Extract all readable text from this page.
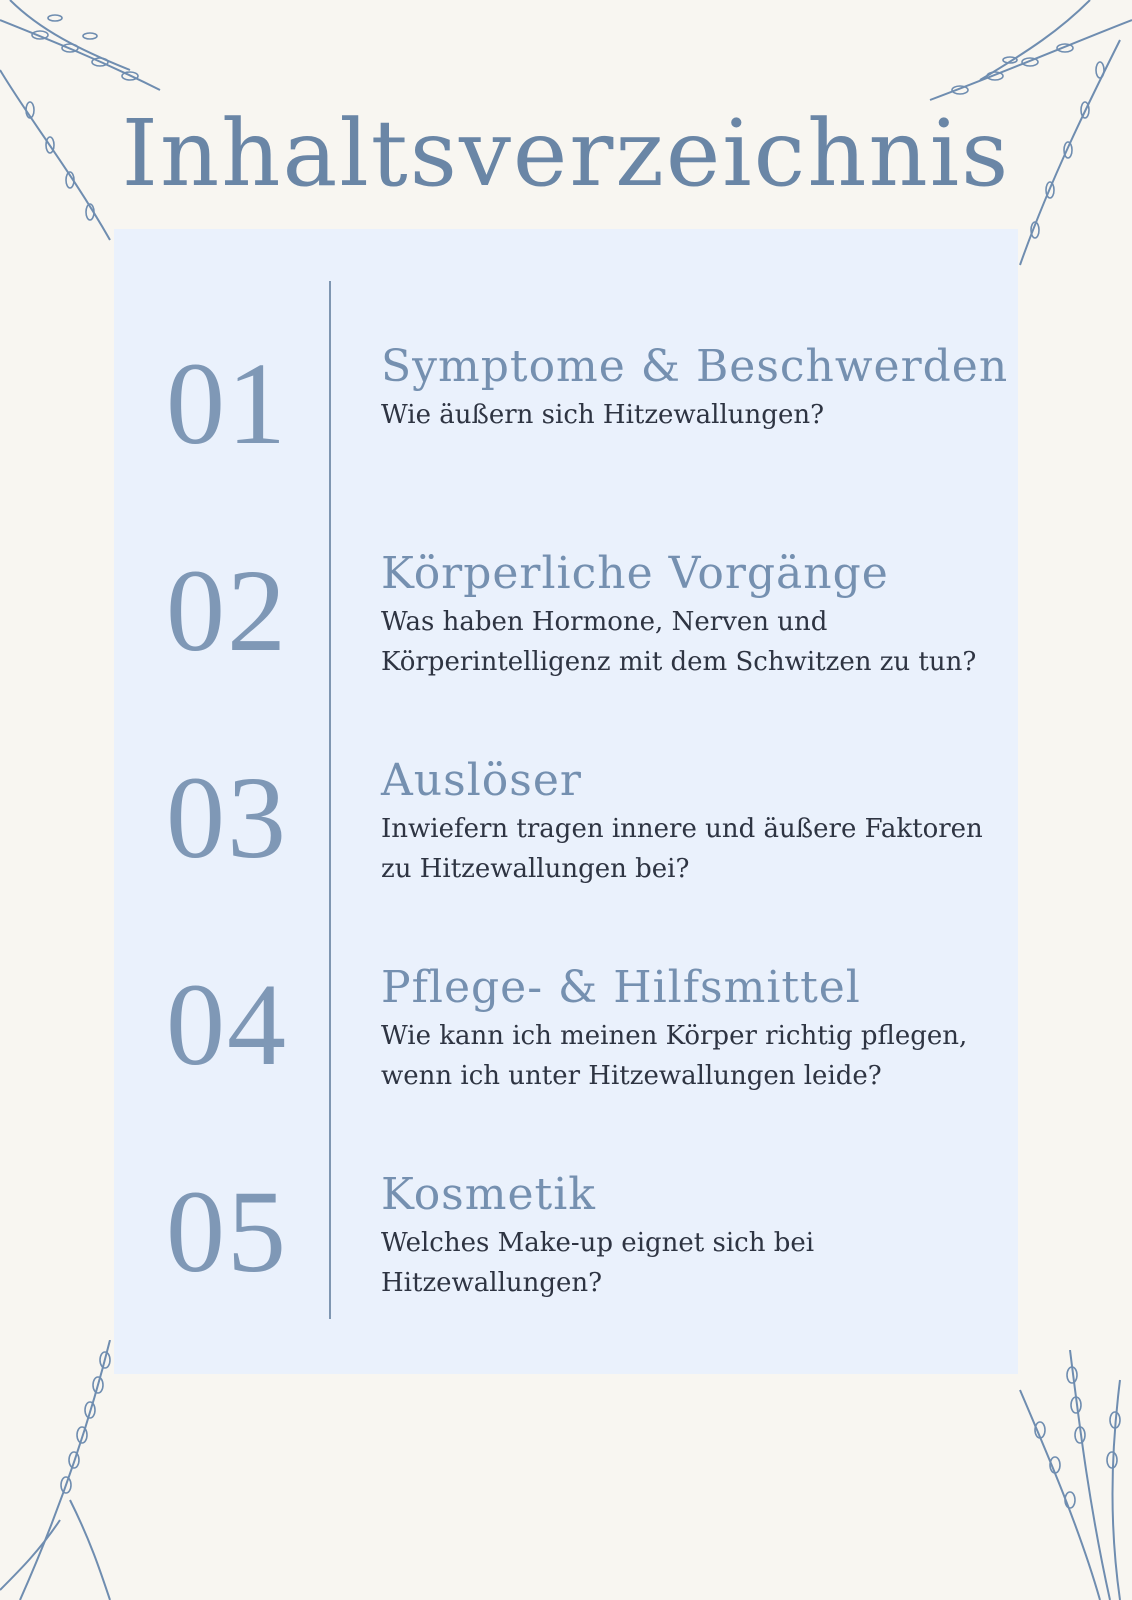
Inhaltsverzeichnis
01 Symptome & Beschwerden
Wie äußern sich Hitzewallungen?
02 Körperliche Vorgänge
Was haben Hormone, Nerven und Körperintelligenz mit dem Schwitzen zu tun?
03 Auslöser
Inwiefern tragen innere und äußere Faktoren zu Hitzewallungen bei?
04 Pflege- & Hilfsmittel
Wie kann ich meinen Körper richtig pflegen, wenn ich unter Hitzewallungen leide?
05 Kosmetik
Welches Make-up eignet sich bei Hitzewallungen?
